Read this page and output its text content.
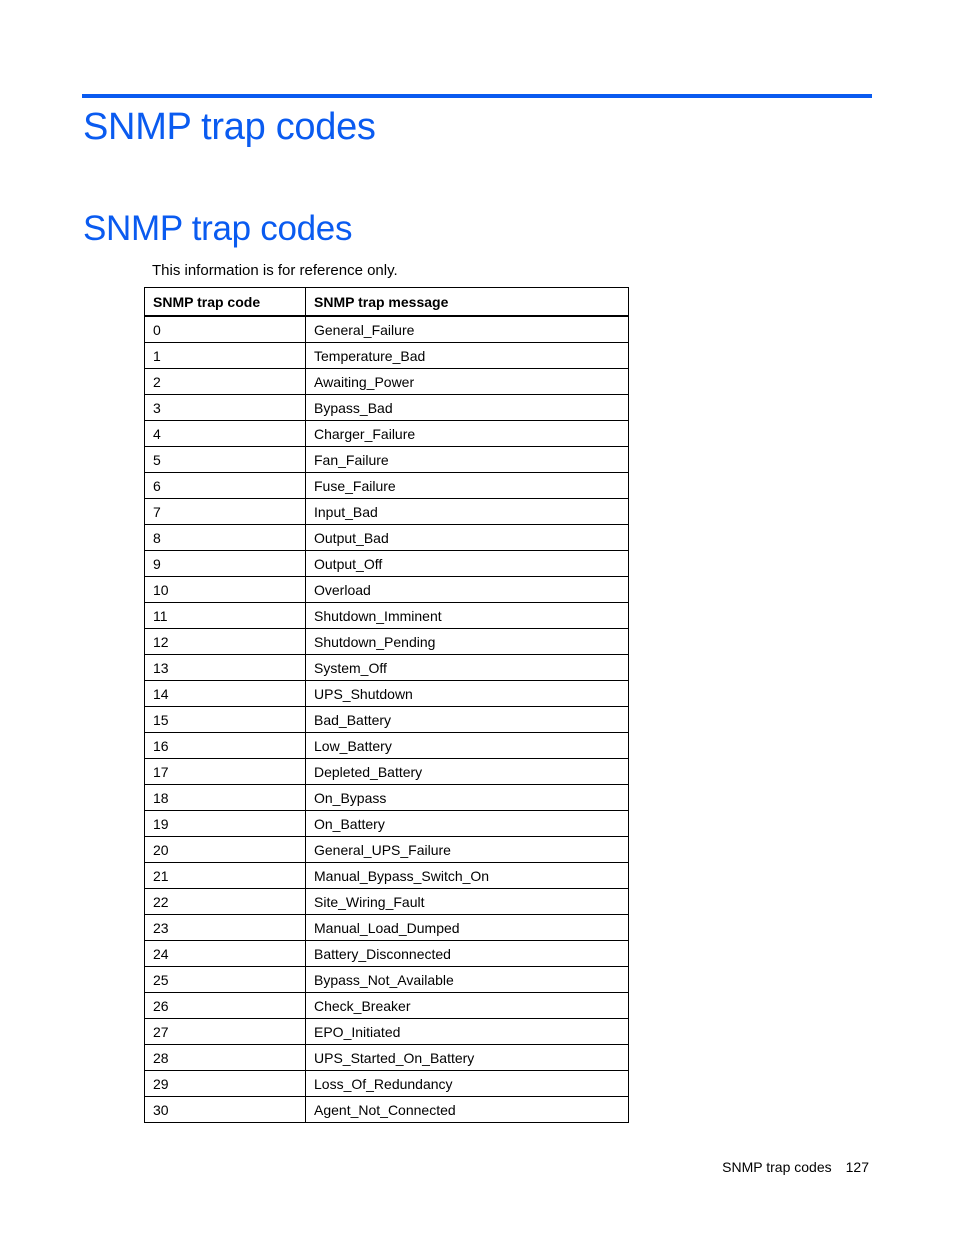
SNMP trap codes
SNMP trap codes

This information is for reference only.

SNMP trap code	SNMP trap message
0	General_Failure
1	Temperature_Bad
2	Awaiting_Power
3	Bypass_Bad
4	Charger_Failure
5	Fan_Failure
6	Fuse_Failure
7	Input_Bad
8	Output_Bad
9	Output_Off
10	Overload
11	Shutdown_Imminent
12	Shutdown_Pending
13	System_Off
14	UPS_Shutdown
15	Bad_Battery
16	Low_Battery
17	Depleted_Battery
18	On_Bypass
19	On_Battery
20	General_UPS_Failure
21	Manual_Bypass_Switch_On
22	Site_Wiring_Fault
23	Manual_Load_Dumped
24	Battery_Disconnected
25	Bypass_Not_Available
26	Check_Breaker
27	EPO_Initiated
28	UPS_Started_On_Battery
29	Loss_Of_Redundancy
30	Agent_Not_Connected
SNMP trap codes 127
